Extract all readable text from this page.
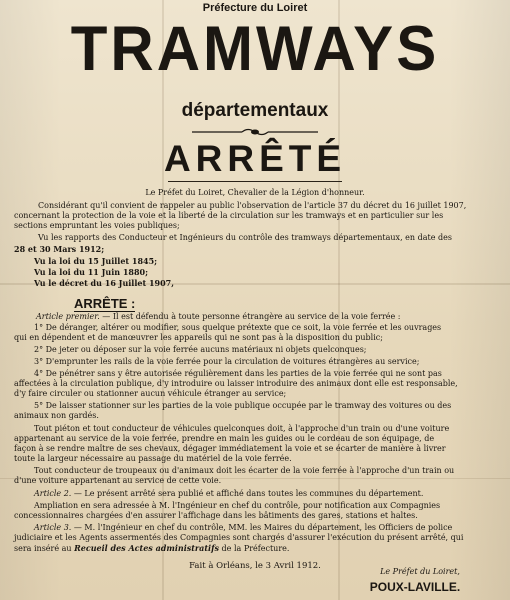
Préfecture du Loiret
TRAMWAYS
départementaux
ARRÊTÉ
Le Préfet du Loiret, Chevalier de la Légion d'honneur.
Considérant qu'il convient de rappeler au public l'observation de l'article 37 du décret du 16 juillet 1907,
concernant la protection de la voie et la liberté de la circulation sur les tramways et en particulier sur les
sections empruntant les voies publiques;
Vu les rapports des Conducteur et Ingénieurs du contrôle des tramways départementaux, en date des
28 et 30 Mars 1912;
Vu la loi du 15 Juillet 1845;
Vu la loi du 11 Juin 1880;
Vu le décret du 16 Juillet 1907,
ARRÊTE :
Article premier. — Il est défendu à toute personne étrangère au service de la voie ferrée :
1° De déranger, altérer ou modifier, sous quelque prétexte que ce soit, la voie ferrée et les ouvrages
qui en dépendent et de manœuvrer les appareils qui ne sont pas à la disposition du public;
2° De jeter ou déposer sur la voie ferrée aucuns matériaux ni objets quelconques;
3° D'emprunter les rails de la voie ferrée pour la circulation de voitures étrangères au service;
4° De pénétrer sans y être autorisée régulièrement dans les parties de la voie ferrée qui ne sont pas
affectées à la circulation publique, d'y introduire ou laisser introduire des animaux dont elle est responsable,
d'y faire circuler ou stationner aucun véhicule étranger au service;
5° De laisser stationner sur les parties de la voie publique occupée par le tramway des voitures ou des
animaux non gardés.
Tout piéton et tout conducteur de véhicules quelconques doit, à l'approche d'un train ou d'une voiture
appartenant au service de la voie ferrée, prendre en main les guides ou le cordeau de son équipage, de
façon à se rendre maître de ses chevaux, dégager immédiatement la voie et se écarter de manière à livrer
toute la largeur nécessaire au passage du matériel de la voie ferrée.
Tout conducteur de troupeaux ou d'animaux doit les écarter de la voie ferrée à l'approche d'un train ou
d'une voiture appartenant au service de cette voie.
Article 2. — Le présent arrêté sera publié et affiché dans toutes les communes du département.
Ampliation en sera adressée à M. l'Ingénieur en chef du contrôle, pour notification aux Compagnies
concessionnaires chargées d'en assurer l'affichage dans les bâtiments des gares, stations et haltes.
Article 3. — M. l'Ingénieur en chef du contrôle, MM. les Maires du département, les Officiers de police
judiciaire et les Agents assermentés des Compagnies sont chargés d'assurer l'exécution du présent arrêté, qui
sera inséré au Recueil des Actes administratifs de la Préfecture.
Fait à Orléans, le 3 Avril 1912.
Le Préfet du Loiret,
POUX-LAVILLE.
